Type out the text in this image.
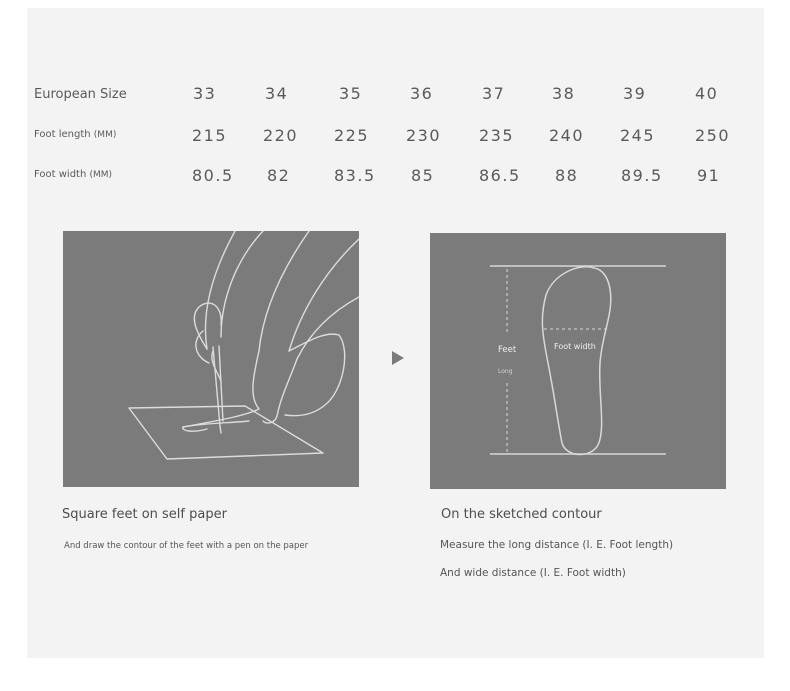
European Size	33	34	35	36	37	38	39	40
Foot length (MM)	215 220 225 230 235 240 245 250
Foot width (MM)	80.5 82	83.5 85	86.5 88	89.5 91
Feet
Long
Foot width
Square feet on self paper
And draw the contour of the feet with a pen on the paper
On the sketched contour
Measure the long distance (I. E. Foot length)
And wide distance (I. E. Foot width)
